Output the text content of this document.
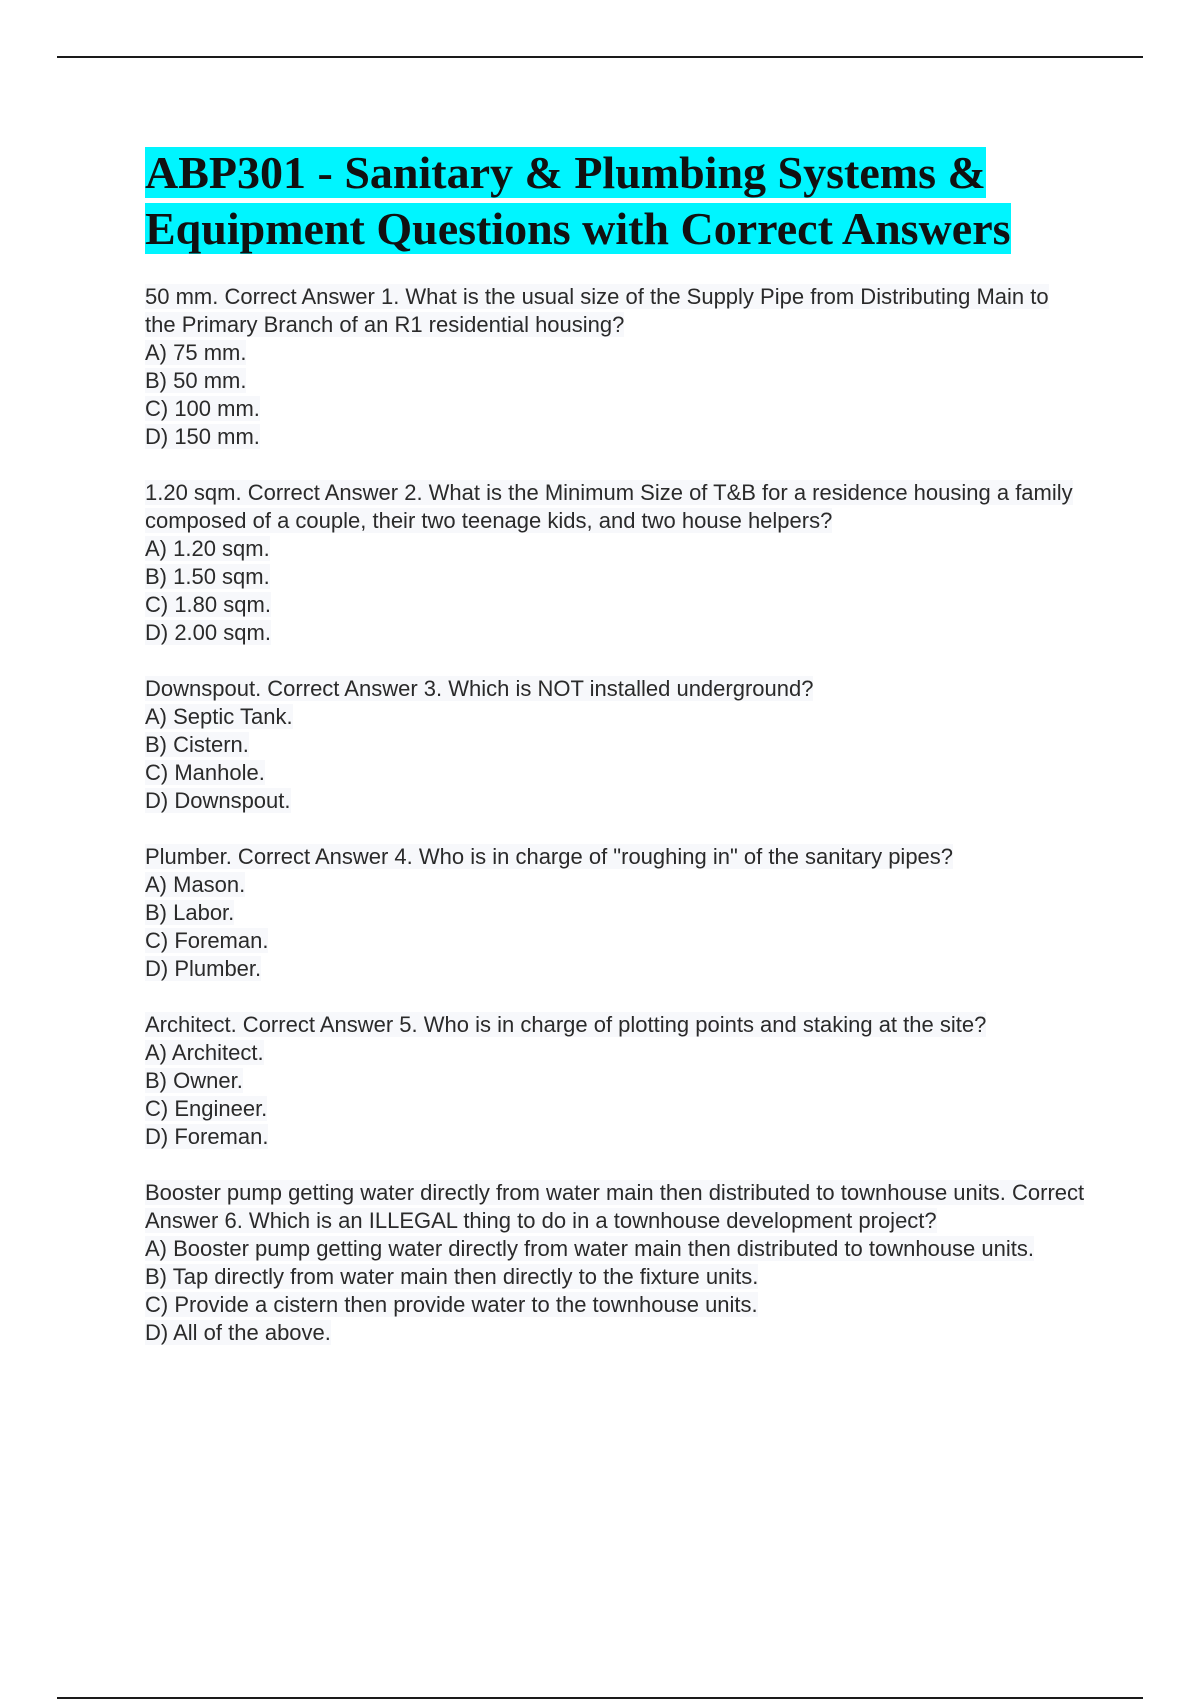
ABP301 - Sanitary & Plumbing Systems & Equipment Questions with Correct Answers

50 mm. Correct Answer 1. What is the usual size of the Supply Pipe from Distributing Main to the Primary Branch of an R1 residential housing?

A) 75 mm.

B) 50 mm.

C) 100 mm.

D) 150 mm.

1.20 sqm. Correct Answer 2. What is the Minimum Size of T&B for a residence housing a family composed of a couple, their two teenage kids, and two house helpers?

A) 1.20 sqm.

B) 1.50 sqm.

C) 1.80 sqm.

D) 2.00 sqm.

Downspout. Correct Answer 3. Which is NOT installed underground?

A) Septic Tank.

B) Cistern.

C) Manhole.

D) Downspout.

Plumber. Correct Answer 4. Who is in charge of "roughing in" of the sanitary pipes?

A) Mason.

B) Labor.

C) Foreman.

D) Plumber.

Architect. Correct Answer 5. Who is in charge of plotting points and staking at the site?

A) Architect.

B) Owner.

C) Engineer.

D) Foreman.

Booster pump getting water directly from water main then distributed to townhouse units. Correct Answer 6. Which is an ILLEGAL thing to do in a townhouse development project?

A) Booster pump getting water directly from water main then distributed to townhouse units.

B) Tap directly from water main then directly to the fixture units.

C) Provide a cistern then provide water to the townhouse units.

D) All of the above.
